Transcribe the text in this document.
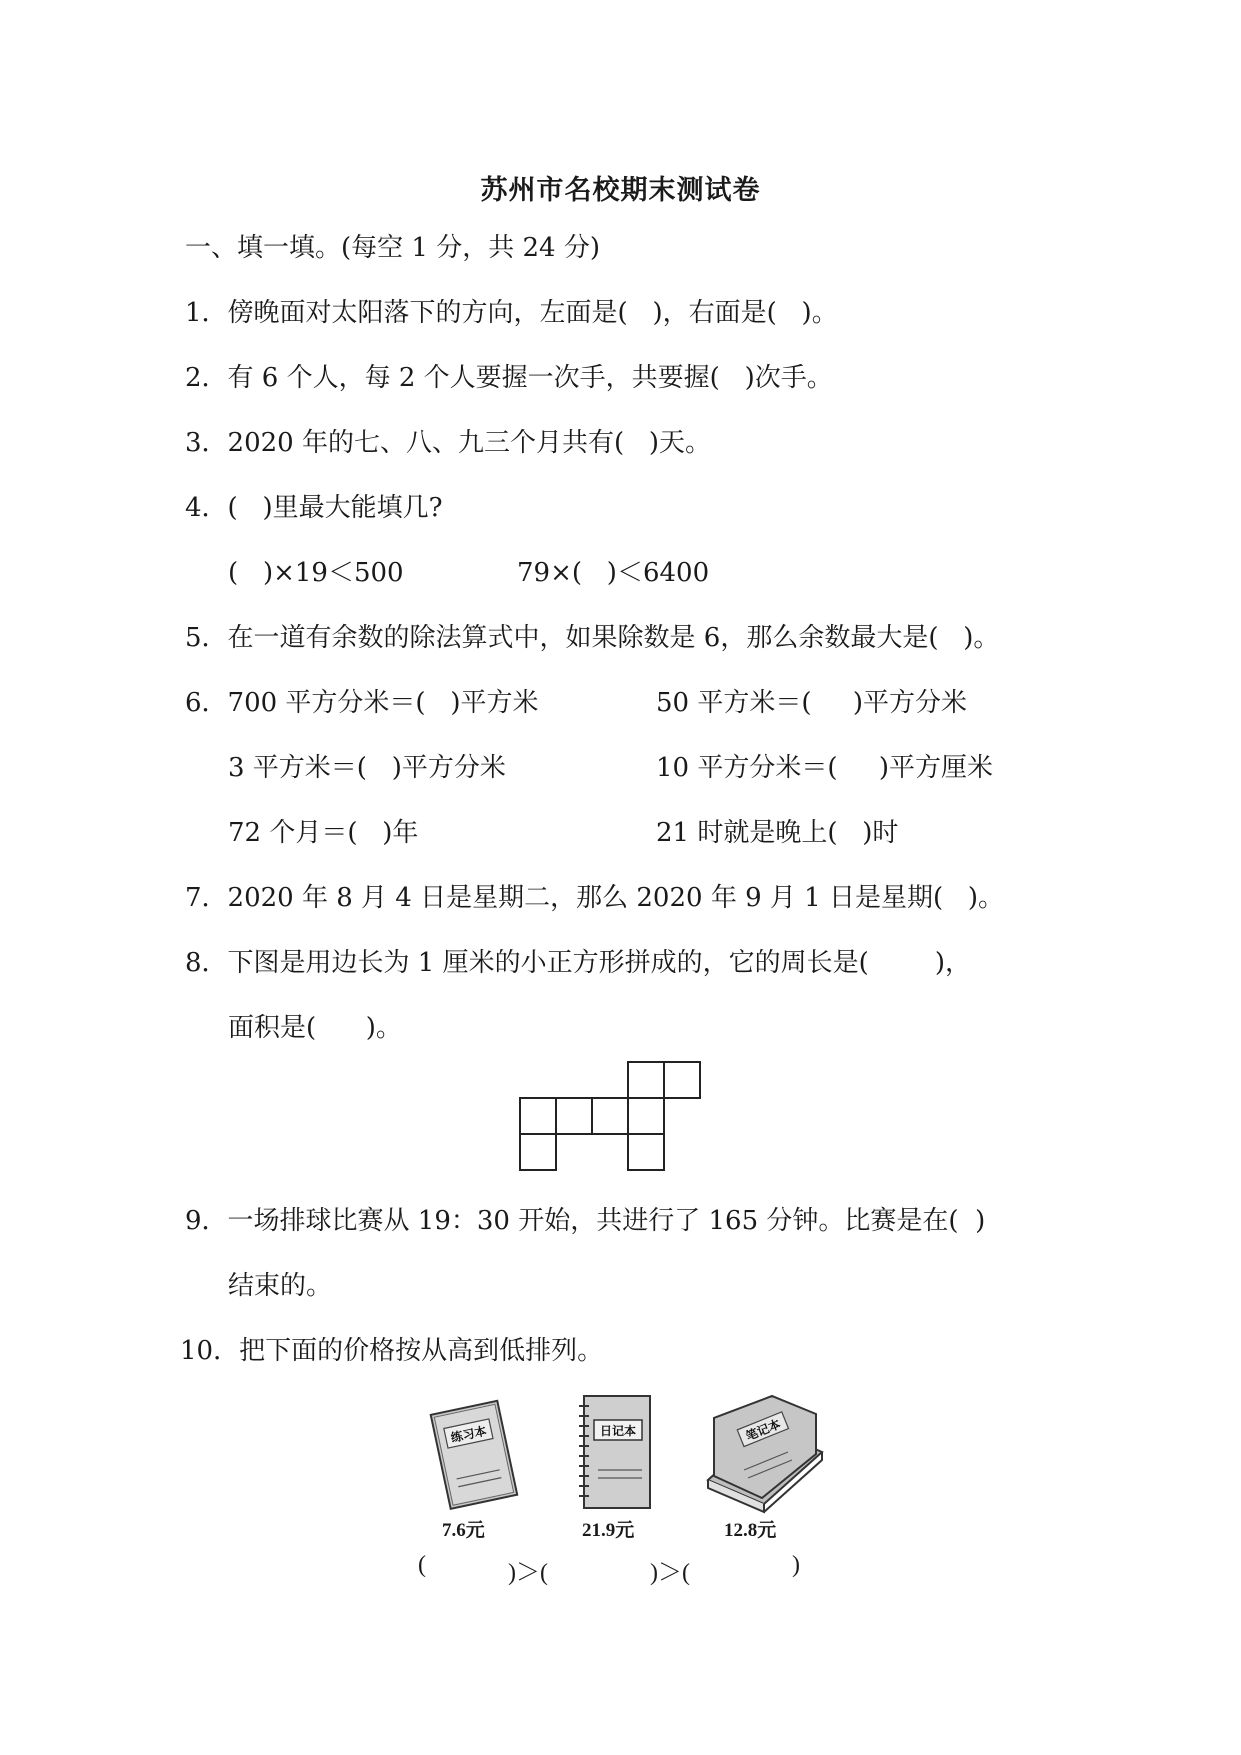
苏州市名校期末测试卷
一、填一填。(每空 1 分，共 24 分)
1．傍晚面对太阳落下的方向，左面是(   )，右面是(   )。
2．有 6 个人，每 2 个人要握一次手，共要握(   )次手。
3．2020 年的七、八、九三个月共有(   )天。
4．(   )里最大能填几?
(   )×19＜500	79×(   )＜6400
5．在一道有余数的除法算式中，如果除数是 6，那么余数最大是(   )。
6．700 平方分米＝(   )平方米	50 平方米＝(     )平方分米
3 平方米＝(   )平方分米	10 平方分米＝(     )平方厘米
72 个月＝(   )年	21 时就是晚上(   )时
7．2020 年 8 月 4 日是星期二，那么 2020 年 9 月 1 日是星期(   )。
8．下图是用边长为 1 厘米的小正方形拼成的，它的周长是(        )，
面积是(      )。
9．一场排球比赛从 19：30 开始，共进行了 165 分钟。比赛是在(  )
结束的。
10．把下面的价格按从高到低排列。
练习本
7.6元
日记本
21.9元
笔记本
12.8元
(	)＞(	)＞(	)
